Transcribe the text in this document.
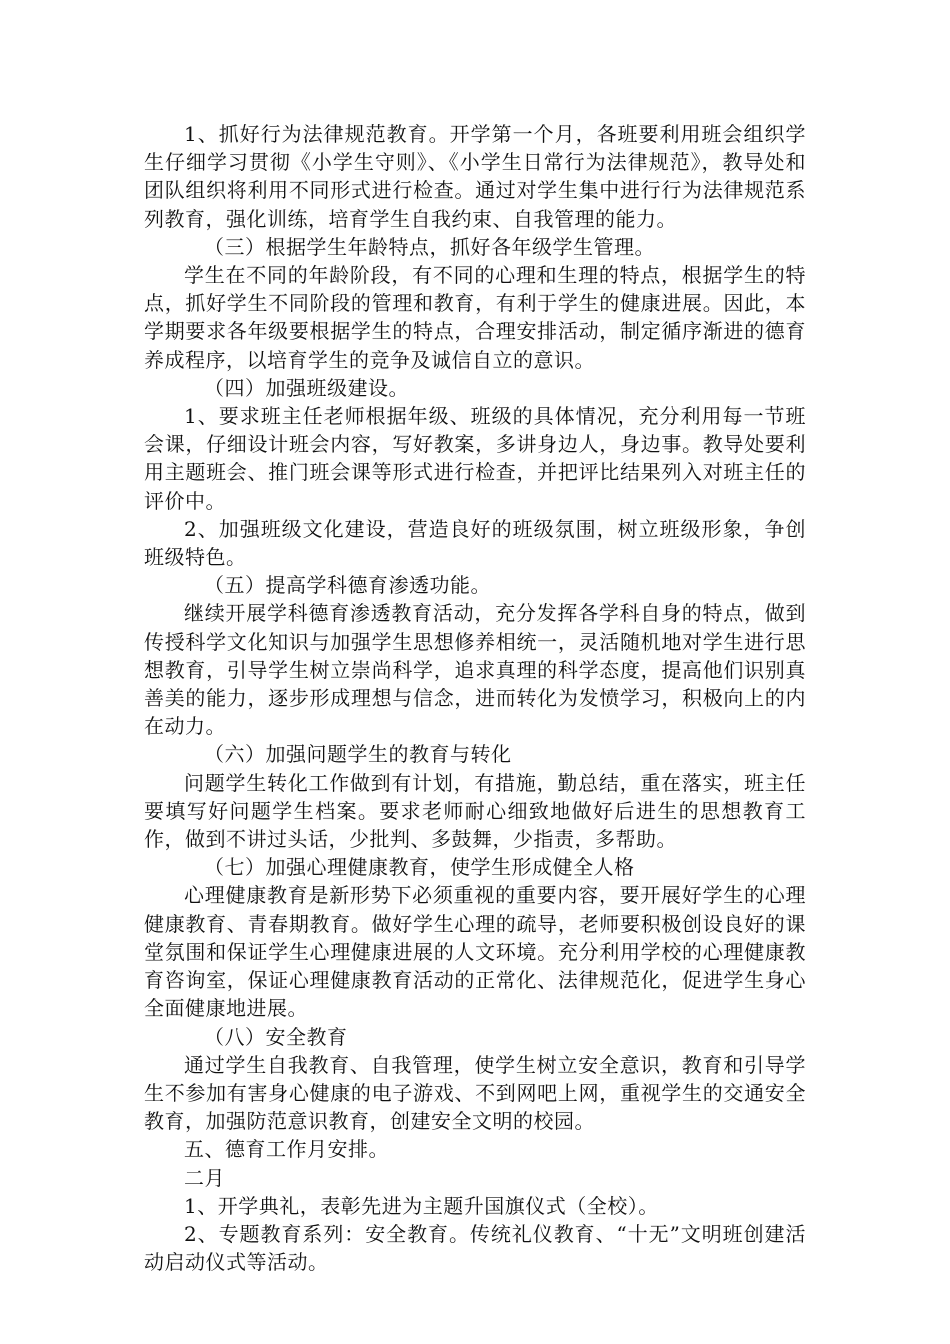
1、抓好行为法律规范教育。开学第一个月，各班要利用班会组织学生仔细学习贯彻《小学生守则》、《小学生日常行为法律规范》，教导处和团队组织将利用不同形式进行检查。通过对学生集中进行行为法律规范系列教育，强化训练，培育学生自我约束、自我管理的能力。

（三）根据学生年龄特点，抓好各年级学生管理。

学生在不同的年龄阶段，有不同的心理和生理的特点，根据学生的特点，抓好学生不同阶段的管理和教育，有利于学生的健康进展。因此，本学期要求各年级要根据学生的特点，合理安排活动，制定循序渐进的德育养成程序，以培育学生的竞争及诚信自立的意识。

（四）加强班级建设。

1、要求班主任老师根据年级、班级的具体情况，充分利用每一节班会课，仔细设计班会内容，写好教案，多讲身边人，身边事。教导处要利用主题班会、推门班会课等形式进行检查，并把评比结果列入对班主任的评价中。

2、加强班级文化建设，营造良好的班级氛围，树立班级形象，争创班级特色。

（五）提高学科德育渗透功能。

继续开展学科德育渗透教育活动，充分发挥各学科自身的特点，做到传授科学文化知识与加强学生思想修养相统一，灵活随机地对学生进行思想教育，引导学生树立崇尚科学，追求真理的科学态度，提高他们识别真善美的能力，逐步形成理想与信念，进而转化为发愤学习，积极向上的内在动力。

（六）加强问题学生的教育与转化

问题学生转化工作做到有计划，有措施，勤总结，重在落实，班主任要填写好问题学生档案。要求老师耐心细致地做好后进生的思想教育工作，做到不讲过头话，少批判、多鼓舞，少指责，多帮助。

（七）加强心理健康教育，使学生形成健全人格

心理健康教育是新形势下必须重视的重要内容，要开展好学生的心理健康教育、青春期教育。做好学生心理的疏导，老师要积极创设良好的课堂氛围和保证学生心理健康进展的人文环境。充分利用学校的心理健康教育咨询室，保证心理健康教育活动的正常化、法律规范化，促进学生身心全面健康地进展。

（八）安全教育

通过学生自我教育、自我管理，使学生树立安全意识，教育和引导学生不参加有害身心健康的电子游戏、不到网吧上网，重视学生的交通安全教育，加强防范意识教育，创建安全文明的校园。

五、德育工作月安排。

二月

1、开学典礼，表彰先进为主题升国旗仪式（全校）。

2、专题教育系列：安全教育。传统礼仪教育、“十无”文明班创建活动启动仪式等活动。
